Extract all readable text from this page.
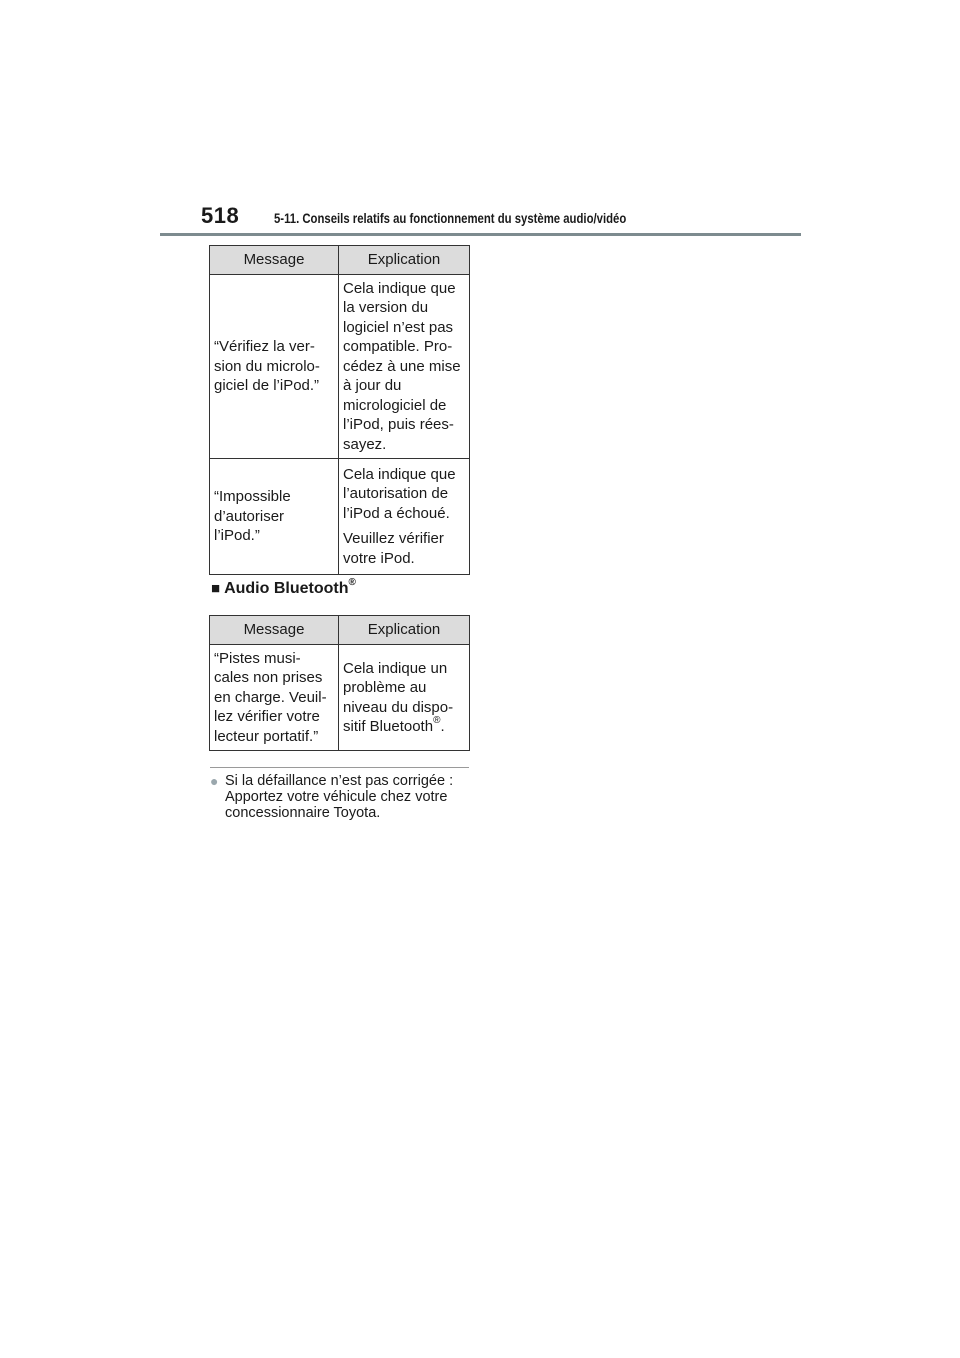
518	5-11. Conseils relatifs au fonctionnement du système audio/vidéo
Message	Explication
“Vérifiez la ver-sion du microlo-giciel de l’iPod.”	Cela indique que la version du logiciel n’est pas compatible. Pro-cédez à une mise à jour du micrologiciel de l’iPod, puis rées-sayez.

“Impossible d’autoriser l’iPod.”	Cela indique que l’autorisation de l’iPod a échoué.

Veuillez vérifier votre iPod.

■ Audio Bluetooth®
Message	Explication
“Pistes musi-cales non prises en charge. Veuil-lez vérifier votre lecteur portatif.”	Cela indique un problème au niveau du dispo-sitif Bluetooth®.

● Si la défaillance n’est pas corrigée : Apportez votre véhicule chez votre concessionnaire Toyota.
